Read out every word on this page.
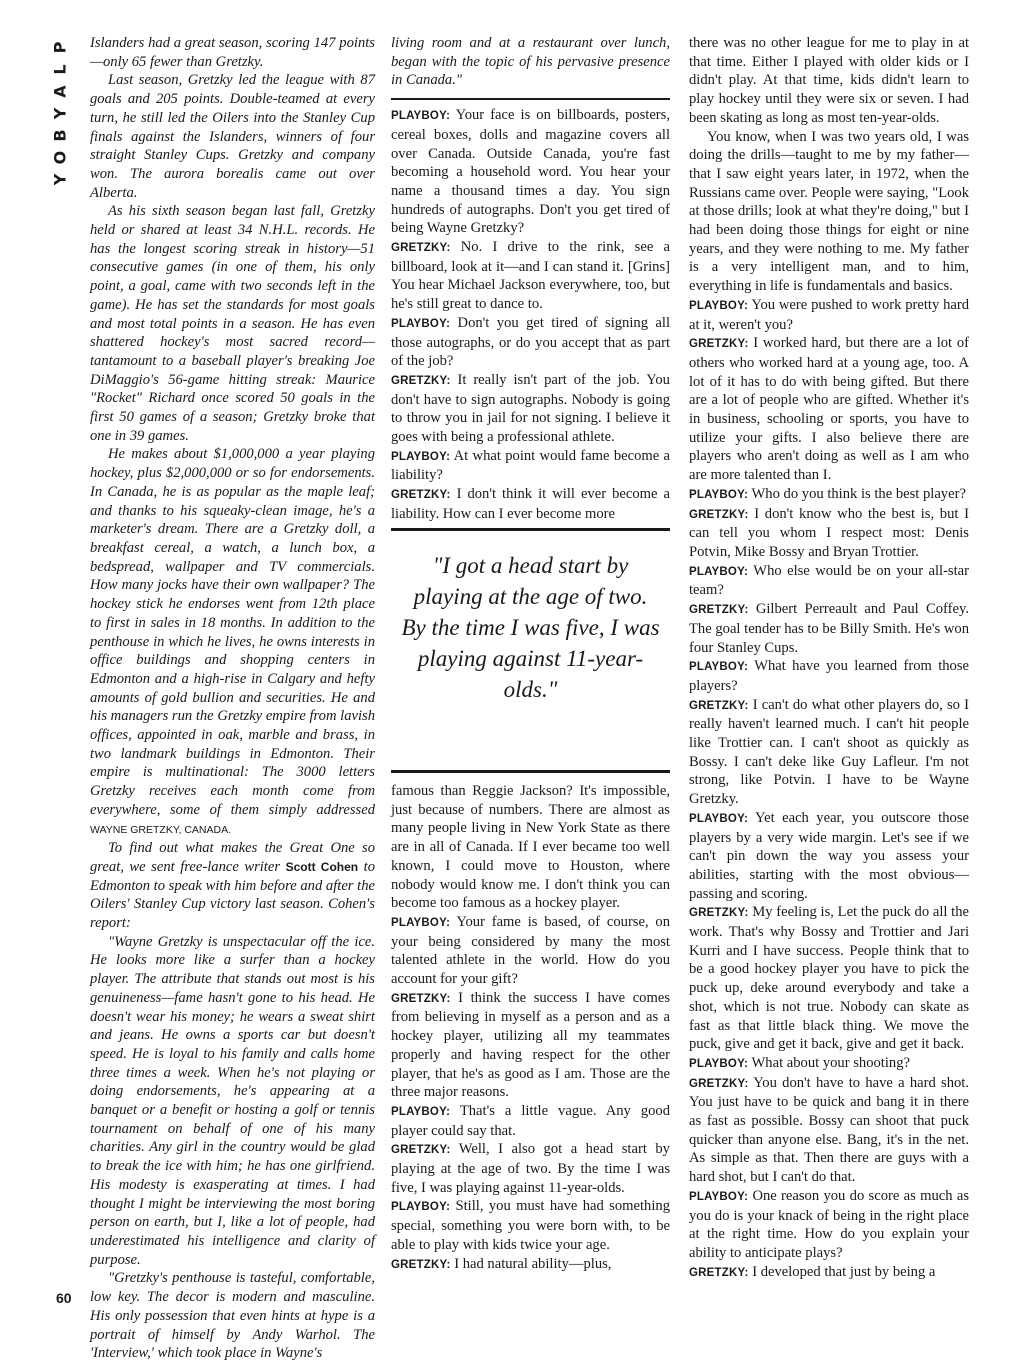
P
L
A
Y
B
O
Y
60

Islanders had a great season, scoring 147 points—only 65 fewer than Gretzky.

Last season, Gretzky led the league with 87 goals and 205 points. Double-teamed at every turn, he still led the Oilers into the Stanley Cup finals against the Islanders, winners of four straight Stanley Cups. Gretzky and company won. The aurora borealis came out over Alberta.

As his sixth season began last fall, Gretzky held or shared at least 34 N.H.L. records. He has the longest scoring streak in history—51 consecutive games (in one of them, his only point, a goal, came with two seconds left in the game). He has set the standards for most goals and most total points in a season. He has even shattered hockey's most sacred record—tantamount to a baseball player's breaking Joe DiMaggio's 56-game hitting streak: Maurice "Rocket" Richard once scored 50 goals in the first 50 games of a season; Gretzky broke that one in 39 games.

He makes about $1,000,000 a year playing hockey, plus $2,000,000 or so for endorsements. In Canada, he is as popular as the maple leaf; and thanks to his squeaky-clean image, he's a marketer's dream. There are a Gretzky doll, a breakfast cereal, a watch, a lunch box, a bedspread, wallpaper and TV commercials. How many jocks have their own wallpaper? The hockey stick he endorses went from 12th place to first in sales in 18 months. In addition to the penthouse in which he lives, he owns interests in office buildings and shopping centers in Edmonton and a high-rise in Calgary and hefty amounts of gold bullion and securities. He and his managers run the Gretzky empire from lavish offices, appointed in oak, marble and brass, in two landmark buildings in Edmonton. Their empire is multinational: The 3000 letters Gretzky receives each month come from everywhere, some of them simply addressed WAYNE GRETZKY, CANADA.

To find out what makes the Great One so great, we sent free-lance writer Scott Cohen to Edmonton to speak with him before and after the Oilers' Stanley Cup victory last season. Cohen's report:

"Wayne Gretzky is unspectacular off the ice. He looks more like a surfer than a hockey player. The attribute that stands out most is his genuineness—fame hasn't gone to his head. He doesn't wear his money; he wears a sweat shirt and jeans. He owns a sports car but doesn't speed. He is loyal to his family and calls home three times a week. When he's not playing or doing endorsements, he's appearing at a banquet or a benefit or hosting a golf or tennis tournament on behalf of one of his many charities. Any girl in the country would be glad to break the ice with him; he has one girlfriend. His modesty is exasperating at times. I had thought I might be interviewing the most boring person on earth, but I, like a lot of people, had underestimated his intelligence and clarity of purpose.

"Gretzky's penthouse is tasteful, comfortable, low key. The decor is modern and masculine. His only possession that even hints at hype is a portrait of himself by Andy Warhol. The 'Interview,' which took place in Wayne's

living room and at a restaurant over lunch, began with the topic of his pervasive presence in Canada."

PLAYBOY: Your face is on billboards, posters, cereal boxes, dolls and magazine covers all over Canada. Outside Canada, you're fast becoming a household word. You hear your name a thousand times a day. You sign hundreds of autographs. Don't you get tired of being Wayne Gretzky?

GRETZKY: No. I drive to the rink, see a billboard, look at it—and I can stand it. [Grins] You hear Michael Jackson everywhere, too, but he's still great to dance to.

PLAYBOY: Don't you get tired of signing all those autographs, or do you accept that as part of the job?

GRETZKY: It really isn't part of the job. You don't have to sign autographs. Nobody is going to throw you in jail for not signing. I believe it goes with being a professional athlete.

PLAYBOY: At what point would fame become a liability?

GRETZKY: I don't think it will ever become a liability. How can I ever become more

"I got a head start by playing at the age of two. By the time I was five, I was playing against 11-year-olds."

famous than Reggie Jackson? It's impossible, just because of numbers. There are almost as many people living in New York State as there are in all of Canada. If I ever became too well known, I could move to Houston, where nobody would know me. I don't think you can become too famous as a hockey player.

PLAYBOY: Your fame is based, of course, on your being considered by many the most talented athlete in the world. How do you account for your gift?

GRETZKY: I think the success I have comes from believing in myself as a person and as a hockey player, utilizing all my teammates properly and having respect for the other player, that he's as good as I am. Those are the three major reasons.

PLAYBOY: That's a little vague. Any good player could say that.

GRETZKY: Well, I also got a head start by playing at the age of two. By the time I was five, I was playing against 11-year-olds.

PLAYBOY: Still, you must have had something special, something you were born with, to be able to play with kids twice your age.

GRETZKY: I had natural ability—plus,

there was no other league for me to play in at that time. Either I played with older kids or I didn't play. At that time, kids didn't learn to play hockey until they were six or seven. I had been skating as long as most ten-year-olds.

You know, when I was two years old, I was doing the drills—taught to me by my father—that I saw eight years later, in 1972, when the Russians came over. People were saying, "Look at those drills; look at what they're doing," but I had been doing those things for eight or nine years, and they were nothing to me. My father is a very intelligent man, and to him, everything in life is fundamentals and basics.

PLAYBOY: You were pushed to work pretty hard at it, weren't you?

GRETZKY: I worked hard, but there are a lot of others who worked hard at a young age, too. A lot of it has to do with being gifted. But there are a lot of people who are gifted. Whether it's in business, schooling or sports, you have to utilize your gifts. I also believe there are players who aren't doing as well as I am who are more talented than I.

PLAYBOY: Who do you think is the best player?

GRETZKY: I don't know who the best is, but I can tell you whom I respect most: Denis Potvin, Mike Bossy and Bryan Trottier.

PLAYBOY: Who else would be on your all-star team?

GRETZKY: Gilbert Perreault and Paul Coffey. The goal tender has to be Billy Smith. He's won four Stanley Cups.

PLAYBOY: What have you learned from those players?

GRETZKY: I can't do what other players do, so I really haven't learned much. I can't hit people like Trottier can. I can't shoot as quickly as Bossy. I can't deke like Guy Lafleur. I'm not strong, like Potvin. I have to be Wayne Gretzky.

PLAYBOY: Yet each year, you outscore those players by a very wide margin. Let's see if we can't pin down the way you assess your abilities, starting with the most obvious—passing and scoring.

GRETZKY: My feeling is, Let the puck do all the work. That's why Bossy and Trottier and Jari Kurri and I have success. People think that to be a good hockey player you have to pick the puck up, deke around everybody and take a shot, which is not true. Nobody can skate as fast as that little black thing. We move the puck, give and get it back, give and get it back.

PLAYBOY: What about your shooting?

GRETZKY: You don't have to have a hard shot. You just have to be quick and bang it in there as fast as possible. Bossy can shoot that puck quicker than anyone else. Bang, it's in the net. As simple as that. Then there are guys with a hard shot, but I can't do that.

PLAYBOY: One reason you do score as much as you do is your knack of being in the right place at the right time. How do you explain your ability to anticipate plays?

GRETZKY: I developed that just by being a
